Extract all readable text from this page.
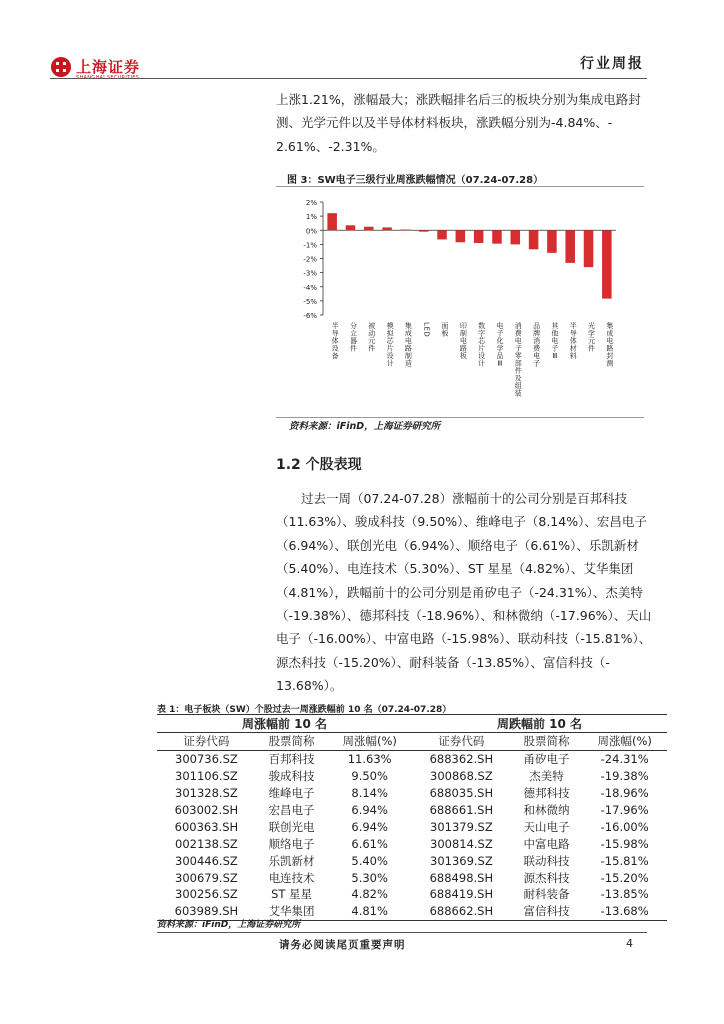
上海证券
SHANGHAI SECURITIES
行业周报
上涨1.21%，涨幅最大；涨跌幅排名后三的板块分别为集成电路封
测、光学元件以及半导体材料板块，涨跌幅分别为-4.84%、-
2.61%、-2.31%。
图 3：SW电子三级行业周涨跌幅情况（07.24-07.28）
2%
1%
0%
-1%
-2%
-3%
-4%
-5%
-6%
半导体设备 分立器件 被动元件 模拟芯片设计 集成电路制造 LED 面板 印制电路板 数字芯片设计 电子化学品Ⅲ 消费电子零部件及组装 品牌消费电子 其他电子Ⅲ 半导体材料 光学元件 集成电路封测
资料来源：iFinD，上海证券研究所
1.2 个股表现
过去一周（07.24-07.28）涨幅前十的公司分别是百邦科技
（11.63%）、骏成科技（9.50%）、维峰电子（8.14%）、宏昌电子
（6.94%）、联创光电（6.94%）、顺络电子（6.61%）、乐凯新材
（5.40%）、电连技术（5.30%）、ST 星星（4.82%）、艾华集团
（4.81%），跌幅前十的公司分别是甬矽电子（-24.31%）、杰美特
（-19.38%）、德邦科技（-18.96%）、和林微纳（-17.96%）、天山
电子（-16.00%）、中富电路（-15.98%）、联动科技（-15.81%）、
源杰科技（-15.20%）、耐科装备（-13.85%）、富信科技（-
13.68%）。
表 1：电子板块（SW）个股过去一周涨跌幅前 10 名（07.24-07.28）
周涨幅前 10 名			周跌幅前 10 名		
证券代码	股票简称	周涨幅(%)	证券代码	股票简称	周涨幅(%)
300736.SZ	百邦科技	11.63%	688362.SH	甬矽电子	-24.31%
301106.SZ	骏成科技	9.50%	300868.SZ	杰美特	-19.38%
301328.SZ	维峰电子	8.14%	688035.SH	德邦科技	-18.96%
603002.SH	宏昌电子	6.94%	688661.SH	和林微纳	-17.96%
600363.SH	联创光电	6.94%	301379.SZ	天山电子	-16.00%
002138.SZ	顺络电子	6.61%	300814.SZ	中富电路	-15.98%
300446.SZ	乐凯新材	5.40%	301369.SZ	联动科技	-15.81%
300679.SZ	电连技术	5.30%	688498.SH	源杰科技	-15.20%
300256.SZ	ST 星星	4.82%	688419.SH	耐科装备	-13.85%
603989.SH	艾华集团	4.81%	688662.SH	富信科技	-13.68%
资料来源：iFinD，上海证券研究所
请务必阅读尾页重要声明	4
